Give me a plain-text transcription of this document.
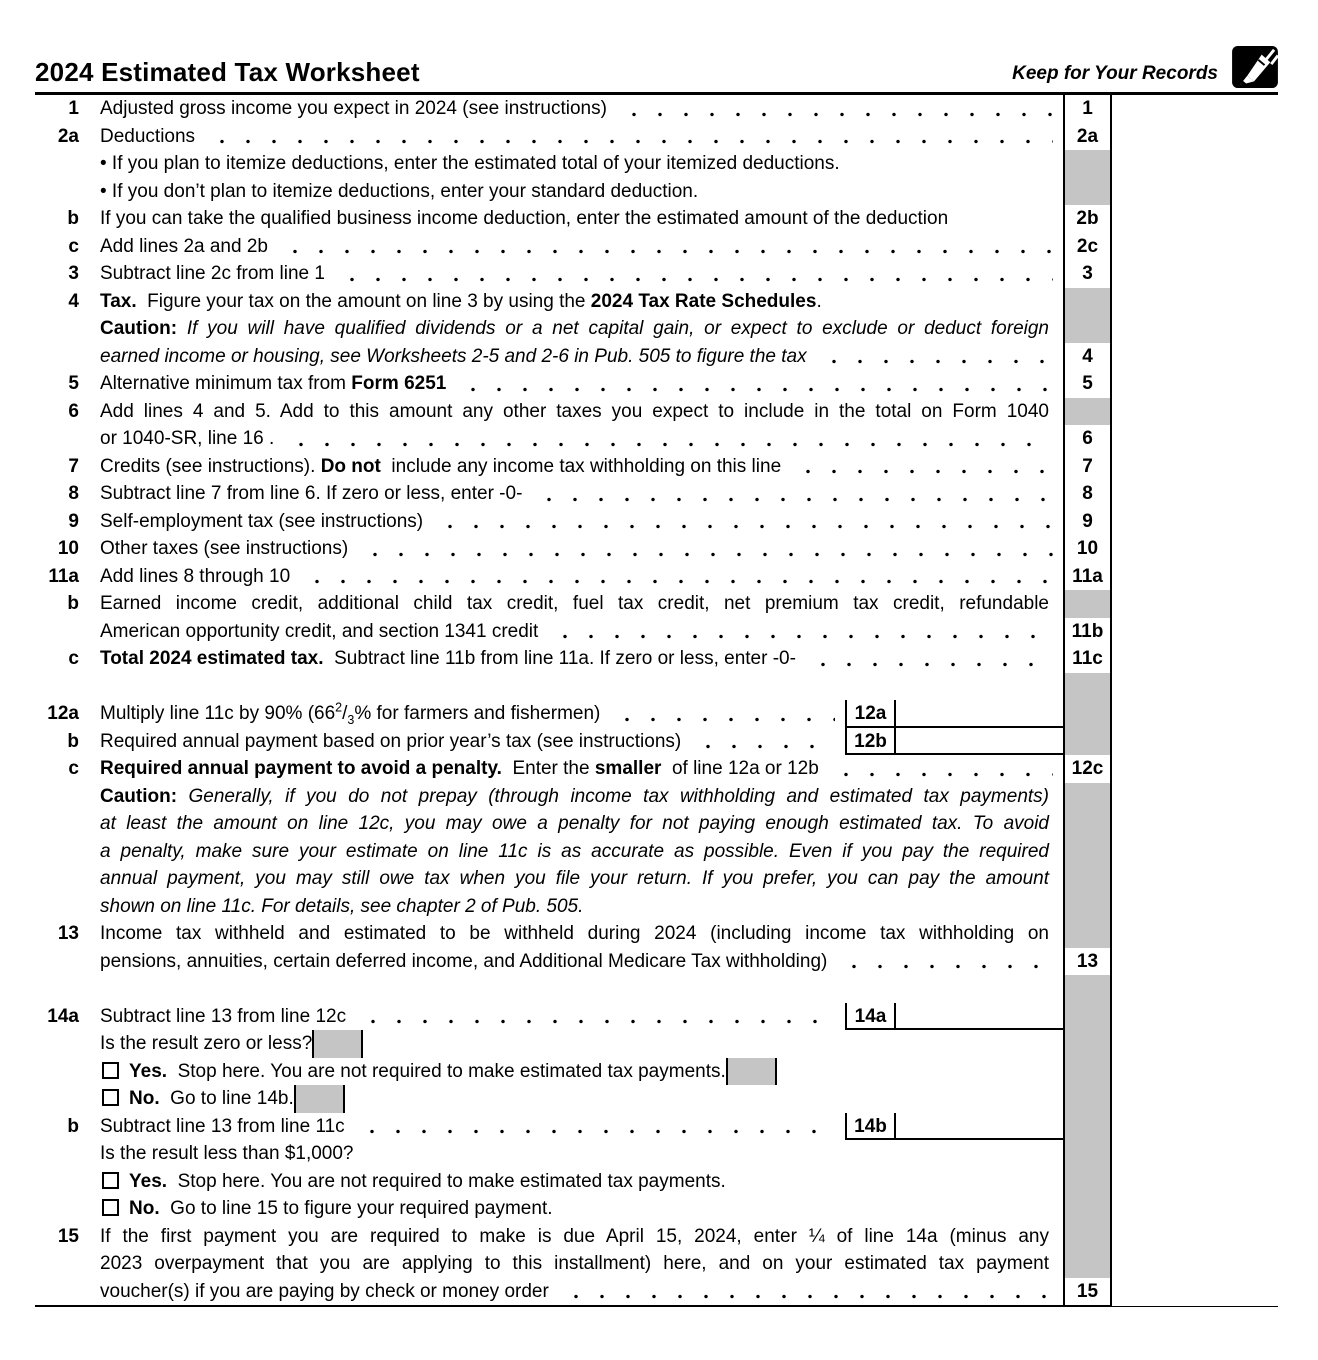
2024 Estimated Tax Worksheet	Keep for Your Records
1	Adjusted gross income you expect in 2024 (see instructions)	1
2a	Deductions	2a
• If you plan to itemize deductions, enter the estimated total of your itemized deductions.
• If you don’t plan to itemize deductions, enter your standard deduction.
b	If you can take the qualified business income deduction, enter the estimated amount of the deduction	2b
c	Add lines 2a and 2b	2c
3	Subtract line 2c from line 1	3
4	Tax.  Figure your tax on the amount on line 3 by using the 2024 Tax Rate Schedules.
Caution: If you will have qualified dividends or a net capital gain, or expect to exclude or deduct foreign
earned income or housing, see Worksheets 2-5 and 2-6 in Pub. 505 to figure the tax	4
5	Alternative minimum tax from Form 6251	5
6	Add lines 4 and 5. Add to this amount any other taxes you expect to include in the total on Form 1040
or 1040-SR, line 16 .	6
7	Credits (see instructions). Do not  include any income tax withholding on this line	7
8	Subtract line 7 from line 6. If zero or less, enter -0-	8
9	Self-employment tax (see instructions)	9
10	Other taxes (see instructions)	10
11a	Add lines 8 through 10	11a
b	Earned income credit, additional child tax credit, fuel tax credit, net premium tax credit, refundable
American opportunity credit, and section 1341 credit	11b
c	Total 2024 estimated tax.  Subtract line 11b from line 11a. If zero or less, enter -0-	11c
12a	Multiply line 11c by 90% ($66^2/_3\%$ for farmers and fishermen)	12a
b	Required annual payment based on prior year’s tax (see instructions)	12b
c	Required annual payment to avoid a penalty.  Enter the smaller  of line 12a or 12b	12c
Caution: Generally, if you do not prepay (through income tax withholding and estimated tax payments)
at least the amount on line 12c, you may owe a penalty for not paying enough estimated tax. To avoid
a penalty, make sure your estimate on line 11c is as accurate as possible. Even if you pay the required
annual payment, you may still owe tax when you file your return. If you prefer, you can pay the amount
shown on line 11c. For details, see chapter 2 of Pub. 505.
13	Income tax withheld and estimated to be withheld during 2024 (including income tax withholding on
pensions, annuities, certain deferred income, and Additional Medicare Tax withholding)	13
14a	Subtract line 13 from line 12c	14a
Is the result zero or less?
Yes.  Stop here. You are not required to make estimated tax payments.
No.  Go to line 14b.
b	Subtract line 13 from line 11c	14b
Is the result less than $1,000?
Yes.  Stop here. You are not required to make estimated tax payments.
No.  Go to line 15 to figure your required payment.
15	If the first payment you are required to make is due April 15, 2024, enter ¼ of line 14a (minus any
2023 overpayment that you are applying to this installment) here, and on your estimated tax payment
voucher(s) if you are paying by check or money order	15
